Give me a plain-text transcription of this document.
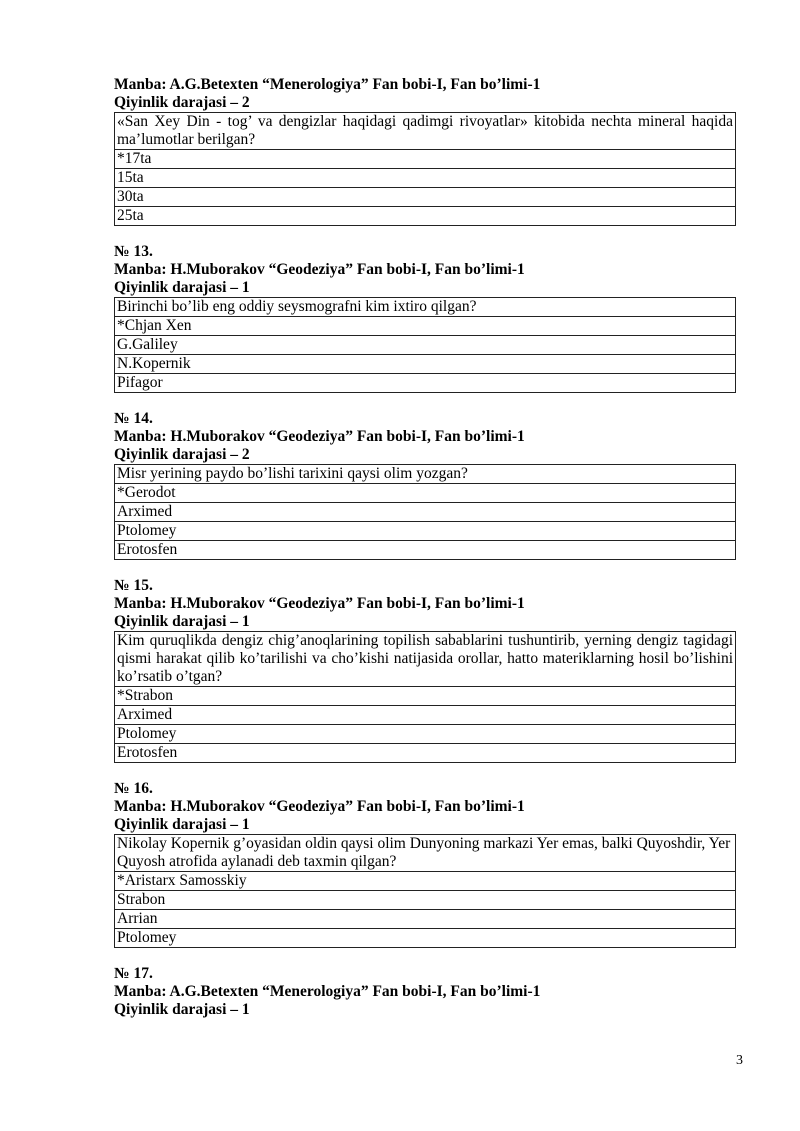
Manba: A.G.Betexten “Menerologiya” Fan bobi-I, Fan bo’limi-1
Qiyinlik darajasi – 2
«San Xey Din - tog’ va dengizlar haqidagi qadimgi rivoyatlar» kitobida nechta mineral haqida ma’lumotlar berilgan?
*17ta
15ta
30ta
25ta
№ 13.
Manba: H.Muborakov “Geodeziya” Fan bobi-I, Fan bo’limi-1
Qiyinlik darajasi – 1
Birinchi bo’lib eng oddiy seysmografni kim ixtiro qilgan?
*Chjan Xen
G.Galiley
N.Kopernik
Pifagor
№ 14.
Manba: H.Muborakov “Geodeziya” Fan bobi-I, Fan bo’limi-1
Qiyinlik darajasi – 2
Misr yerining paydo bo’lishi tarixini qaysi olim yozgan?
*Gerodot
Arximed
Ptolomey
Erotosfen
№ 15.
Manba: H.Muborakov “Geodeziya” Fan bobi-I, Fan bo’limi-1
Qiyinlik darajasi – 1
Kim quruqlikda dengiz chig’anoqlarining topilish sabablarini tushuntirib, yerning dengiz tagidagi qismi harakat qilib ko’tarilishi va cho’kishi natijasida orollar, hatto materiklarning hosil bo’lishini ko’rsatib o’tgan?
*Strabon
Arximed
Ptolomey
Erotosfen
№ 16.
Manba: H.Muborakov “Geodeziya” Fan bobi-I, Fan bo’limi-1
Qiyinlik darajasi – 1
Nikolay Kopernik g’oyasidan oldin qaysi olim Dunyoning markazi Yer emas, balki Quyoshdir, Yer Quyosh atrofida aylanadi deb taxmin qilgan?
*Aristarx Samosskiy
Strabon
Arrian
Ptolomey
№ 17.
Manba: A.G.Betexten “Menerologiya” Fan bobi-I, Fan bo’limi-1
Qiyinlik darajasi – 1
3
